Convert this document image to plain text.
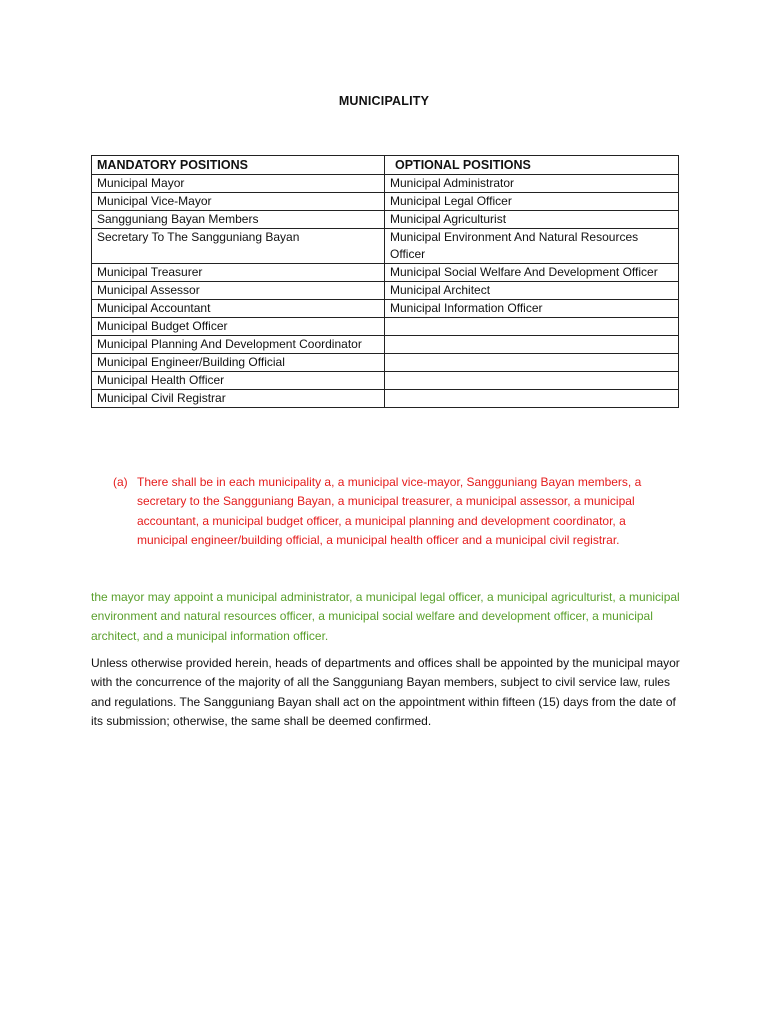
MUNICIPALITY
MANDATORY POSITIONS	OPTIONAL POSITIONS
Municipal Mayor	Municipal Administrator
Municipal Vice-Mayor	Municipal Legal Officer
Sangguniang Bayan Members	Municipal Agriculturist
Secretary To The Sangguniang Bayan	Municipal Environment And Natural Resources Officer
Municipal Treasurer	Municipal Social Welfare And Development Officer
Municipal Assessor	Municipal Architect
Municipal Accountant	Municipal Information Officer
Municipal Budget Officer	
Municipal Planning And Development Coordinator	
Municipal Engineer/Building Official	
Municipal Health Officer	
Municipal Civil Registrar	
(a) There shall be in each municipality a, a municipal vice-mayor, Sangguniang Bayan members, a secretary to the Sangguniang Bayan, a municipal treasurer, a municipal assessor, a municipal accountant, a municipal budget officer, a municipal planning and development coordinator, a municipal engineer/building official, a municipal health officer and a municipal civil registrar.
the mayor may appoint a municipal administrator, a municipal legal officer, a municipal agriculturist, a municipal environment and natural resources officer, a municipal social welfare and development officer, a municipal architect, and a municipal information officer.
Unless otherwise provided herein, heads of departments and offices shall be appointed by the municipal mayor with the concurrence of the majority of all the Sangguniang Bayan members, subject to civil service law, rules and regulations. The Sangguniang Bayan shall act on the appointment within fifteen (15) days from the date of its submission; otherwise, the same shall be deemed confirmed.
